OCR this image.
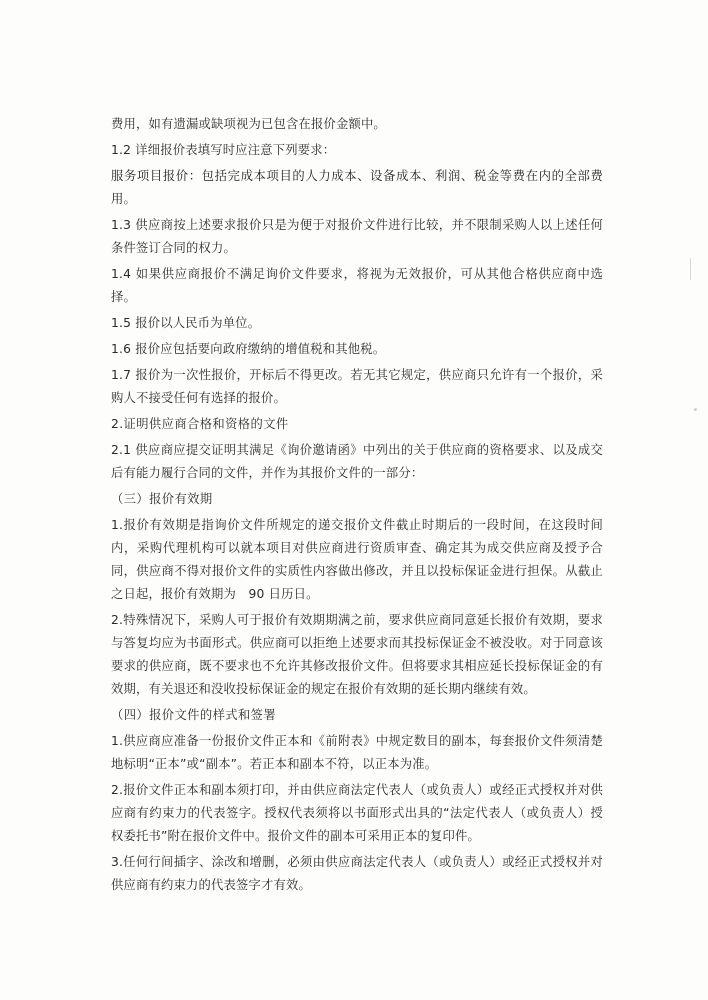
费用，如有遗漏或缺项视为已包含在报价金额中。

1.2 详细报价表填写时应注意下列要求：

服务项目报价：包括完成本项目的人力成本、设备成本、利润、税金等费在内的全部费用。

1.3 供应商按上述要求报价只是为便于对报价文件进行比较，并不限制采购人以上述任何条件签订合同的权力。

1.4 如果供应商报价不满足询价文件要求，将视为无效报价，可从其他合格供应商中选择。

1.5 报价以人民币为单位。

1.6 报价应包括要向政府缴纳的增值税和其他税。

1.7 报价为一次性报价，开标后不得更改。若无其它规定，供应商只允许有一个报价，采购人不接受任何有选择的报价。

2.证明供应商合格和资格的文件

2.1 供应商应提交证明其满足《询价邀请函》中列出的关于供应商的资格要求、以及成交后有能力履行合同的文件，并作为其报价文件的一部分：

（三）报价有效期

1.报价有效期是指询价文件所规定的递交报价文件截止时期后的一段时间，在这段时间内，采购代理机构可以就本项目对供应商进行资质审查、确定其为成交供应商及授予合同，供应商不得对报价文件的实质性内容做出修改，并且以投标保证金进行担保。从截止之日起，报价有效期为　90 日历日。

2.特殊情况下，采购人可于报价有效期期满之前，要求供应商同意延长报价有效期，要求与答复均应为书面形式。供应商可以拒绝上述要求而其投标保证金不被没收。对于同意该要求的供应商，既不要求也不允许其修改报价文件。但将要求其相应延长投标保证金的有效期，有关退还和没收投标保证金的规定在报价有效期的延长期内继续有效。

（四）报价文件的样式和签署

1.供应商应准备一份报价文件正本和《前附表》中规定数目的副本，每套报价文件须清楚地标明“正本”或“副本”。若正本和副本不符，以正本为准。

2.报价文件正本和副本须打印，并由供应商法定代表人（或负责人）或经正式授权并对供应商有约束力的代表签字。授权代表须将以书面形式出具的“法定代表人（或负责人）授权委托书”附在报价文件中。报价文件的副本可采用正本的复印件。

3.任何行间插字、涂改和增删，必须由供应商法定代表人（或负责人）或经正式授权并对供应商有约束力的代表签字才有效。
